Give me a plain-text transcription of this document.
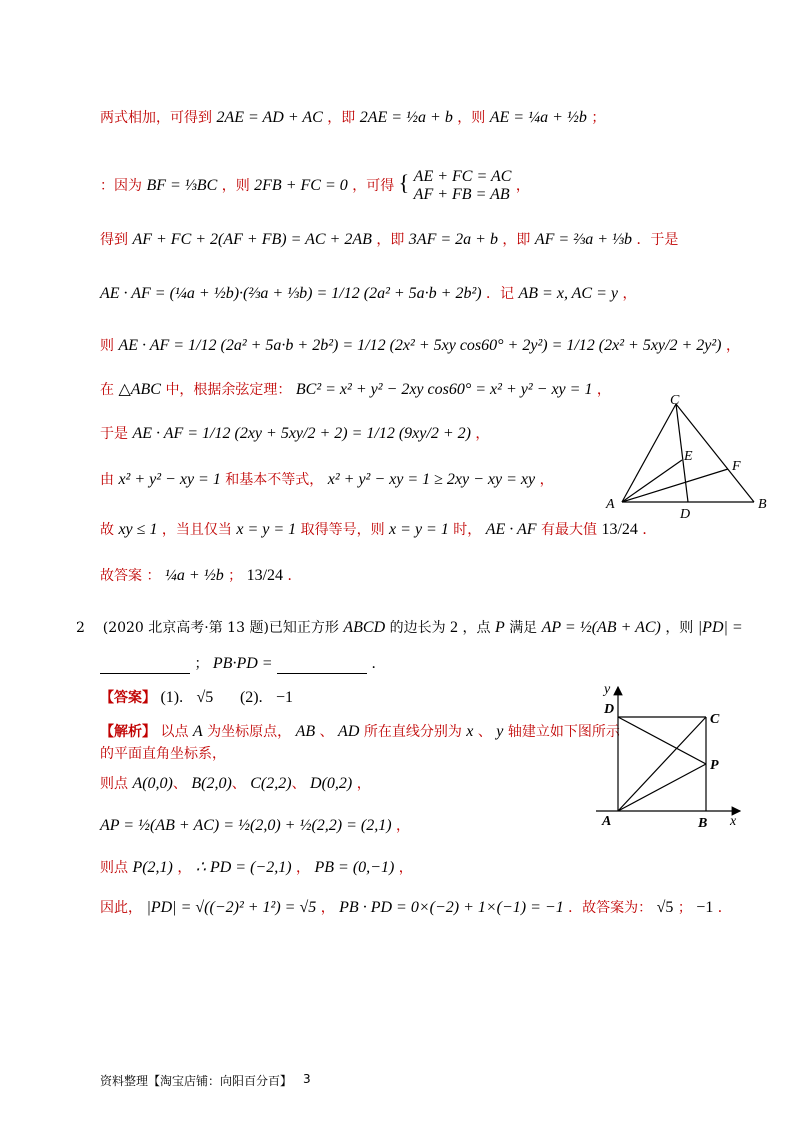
两式相加，可得到 2AE = AD + AC ，即 2AE = ½a + b ，则 AE = ¼a + ½b ；
：因为 BF = ⅓BC ，则 2FB + FC = 0 ，可得 { AE + FC = AC
AF + FB = AB ，
得到 AF + FC + 2(AF + FB) = AC + 2AB ，即 3AF = 2a + b ，即 AF = ⅔a + ⅓b ．于是
AE · AF = (¼a + ½b)·(⅔a + ⅓b) = 1/12 (2a² + 5a·b + 2b²) ．记 AB = x, AC = y ，
则 AE · AF = 1/12 (2a² + 5a·b + 2b²) = 1/12 (2x² + 5xy cos60° + 2y²) = 1/12 (2x² + 5xy/2 + 2y²) ，
在 △ABC 中，根据余弦定理： BC² = x² + y² − 2xy cos60° = x² + y² − xy = 1 ，
于是 AE · AF = 1/12 (2xy + 5xy/2 + 2) = 1/12 (9xy/2 + 2) ，
由 x² + y² − xy = 1 和基本不等式， x² + y² − xy = 1 ≥ 2xy − xy = xy ，
故 xy ≤ 1 ，当且仅当 x = y = 1 取得等号，则 x = y = 1 时， AE · AF 有最大值 13/24 ．
故答案 ： ¼a + ½b ； 13/24 ．
C
A	B
D
E
F
2 (2020 北京高考·第 13 题)已知正方形 ABCD 的边长为 2 ，点 P 满足 AP = ½(AB + AC) ，则 |PD| =
； PB·PD =	．
【答案】 (1). √5 (2). −1
【解析】 以点 A 为坐标原点， AB 、 AD 所在直线分别为 x 、 y 轴建立如下图所示
的平面直角坐标系，
则点 A(0,0)、 B(2,0)、 C(2,2)、 D(0,2) ，
AP = ½(AB + AC) = ½(2,0) + ½(2,2) = (2,1) ，
则点 P(2,1) ， ∴ PD = (−2,1) ， PB = (0,−1) ，
因此， |PD| = √((−2)² + 1²) = √5 ， PB · PD = 0×(−2) + 1×(−1) = −1 ．故答案为： √5 ； −1 ．
y
x
A	B
C
D
P
资料整理【淘宝店铺：向阳百分百】 3
